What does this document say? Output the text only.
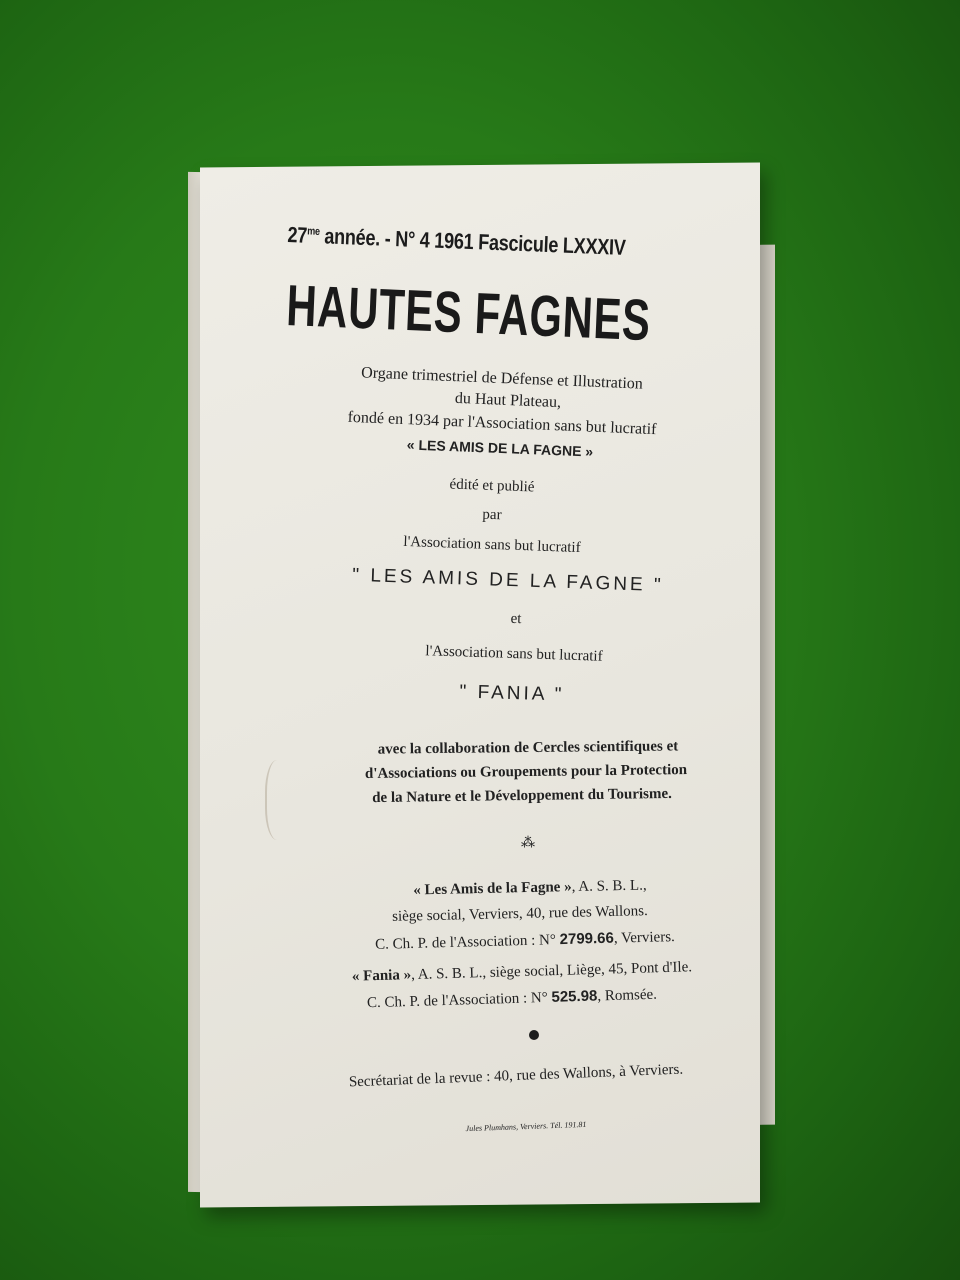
$27^{me}$ année. - N° 4 1961 Fascicule LXXXIV
HAUTES FAGNES
Organe trimestriel de Défense et Illustration
du Haut Plateau,
fondé en 1934 par l'Association sans but lucratif
« LES AMIS DE LA FAGNE »
édité et publié
par
l'Association sans but lucratif
" LES AMIS DE LA FAGNE "
et
l'Association sans but lucratif
" FANIA "
avec la collaboration de Cercles scientifiques et
d'Associations ou Groupements pour la Protection
de la Nature et le Développement du Tourisme.
⁂
« Les Amis de la Fagne », A. S. B. L.,
siège social, Verviers, 40, rue des Wallons.
C. Ch. P. de l'Association : N° 2799.66, Verviers.
« Fania », A. S. B. L., siège social, Liège, 45, Pont d'Ile.
C. Ch. P. de l'Association : N° 525.98, Romsée.
Secrétariat de la revue : 40, rue des Wallons, à Verviers.
Jules Plumhans, Verviers. Tél. 191.81
